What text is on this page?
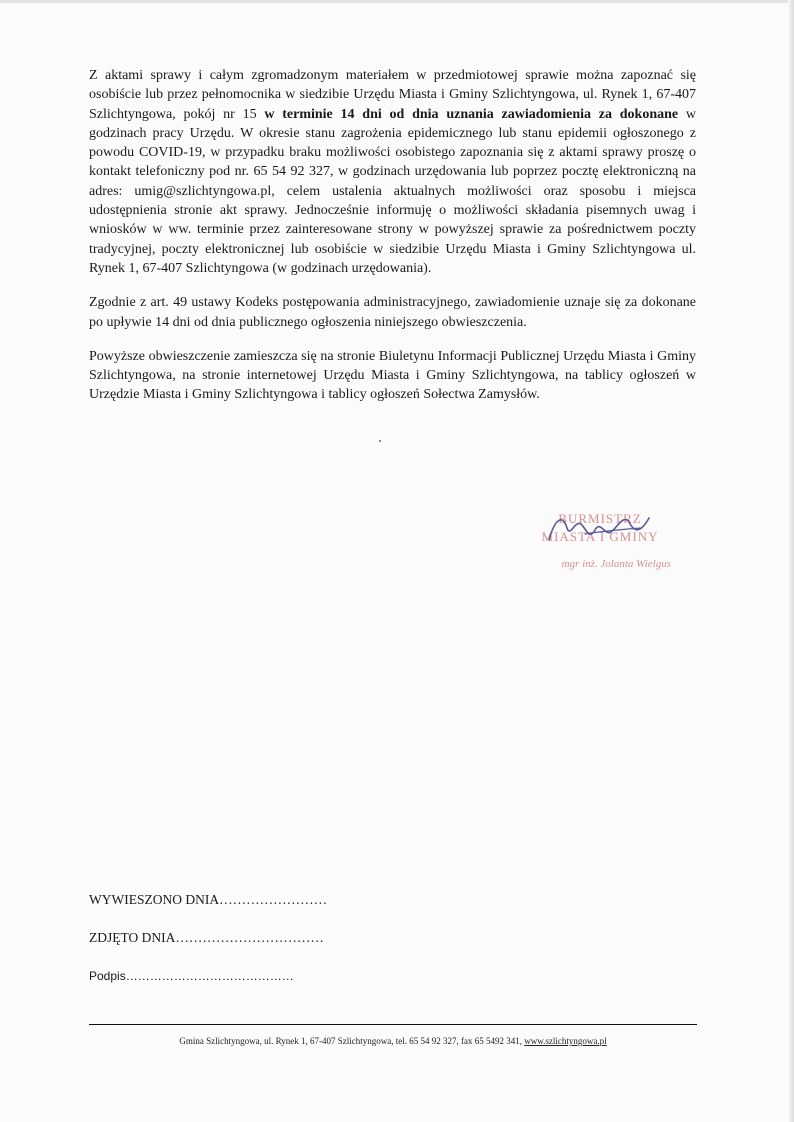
Z aktami sprawy i całym zgromadzonym materiałem w przedmiotowej sprawie można zapoznać się osobiście lub przez pełnomocnika w siedzibie Urzędu Miasta i Gminy Szlichtyngowa, ul. Rynek 1, 67-407 Szlichtyngowa, pokój nr 15 w terminie 14 dni od dnia uznania zawiadomienia za dokonane w godzinach pracy Urzędu. W okresie stanu zagrożenia epidemicznego lub stanu epidemii ogłoszonego z powodu COVID-19, w przypadku braku możliwości osobistego zapoznania się z aktami sprawy proszę o kontakt telefoniczny pod nr. 65 54 92 327, w godzinach urzędowania lub poprzez pocztę elektroniczną na adres: umig@szlichtyngowa.pl, celem ustalenia aktualnych możliwości oraz sposobu i miejsca udostępnienia stronie akt sprawy. Jednocześnie informuję o możliwości składania pisemnych uwag i wniosków w ww. terminie przez zainteresowane strony w powyższej sprawie za pośrednictwem poczty tradycyjnej, poczty elektronicznej lub osobiście w siedzibie Urzędu Miasta i Gminy Szlichtyngowa ul. Rynek 1, 67-407 Szlichtyngowa (w godzinach urzędowania).

Zgodnie z art. 49 ustawy Kodeks postępowania administracyjnego, zawiadomienie uznaje się za dokonane po upływie 14 dni od dnia publicznego ogłoszenia niniejszego obwieszczenia.

Powyższe obwieszczenie zamieszcza się na stronie Biuletynu Informacji Publicznej Urzędu Miasta i Gminy Szlichtyngowa, na stronie internetowej Urzędu Miasta i Gminy Szlichtyngowa, na tablicy ogłoszeń w Urzędzie Miasta i Gminy Szlichtyngowa i tablicy ogłoszeń Sołectwa Zamysłów.

BURMISTRZ
MIASTA I GMINY
mgr inż. Jolanta Wielgus

WYWIESZONO DNIA……………………

ZDJĘTO DNIA……………………………

Podpis……………………………………

Gmina Szlichtyngowa, ul. Rynek 1, 67-407 Szlichtyngowa, tel. 65 54 92 327, fax 65 5492 341, www.szlichtyngowa.pl
